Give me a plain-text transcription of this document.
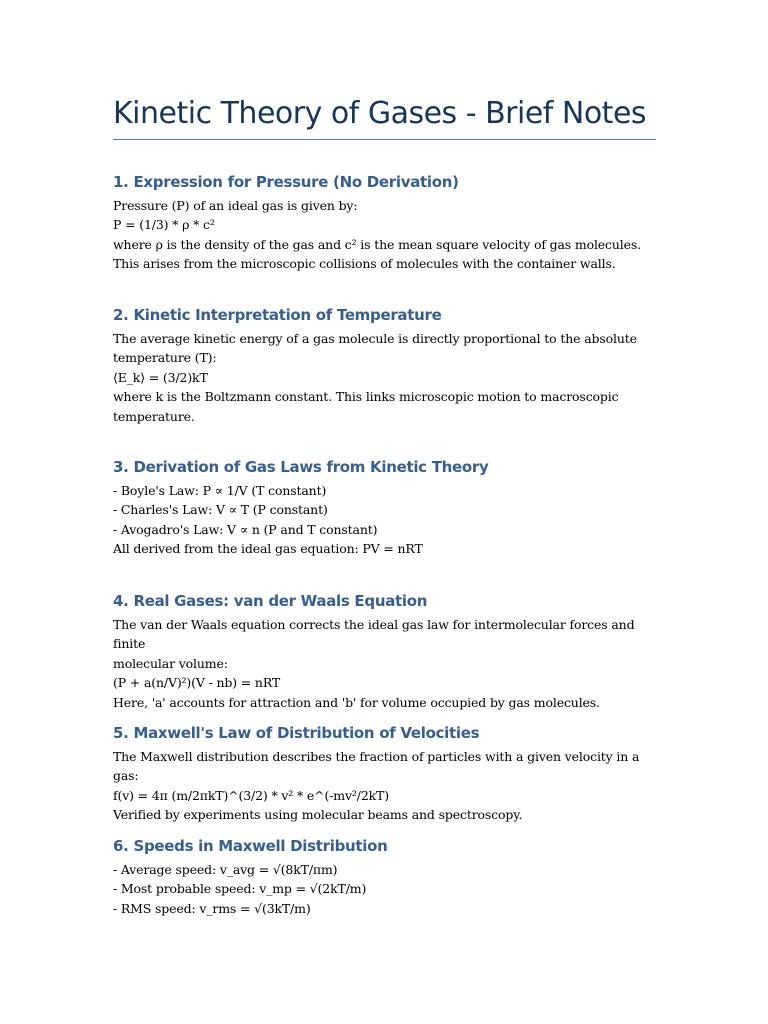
Kinetic Theory of Gases - Brief Notes
1. Expression for Pressure (No Derivation)

Pressure (P) of an ideal gas is given by:

P = (1/3) * ρ * c²

where ρ is the density of the gas and c² is the mean square velocity of gas molecules.

This arises from the microscopic collisions of molecules with the container walls.

2. Kinetic Interpretation of Temperature

The average kinetic energy of a gas molecule is directly proportional to the absolute

temperature (T):

⟨E_k⟩ = (3/2)kT

where k is the Boltzmann constant. This links microscopic motion to macroscopic

temperature.

3. Derivation of Gas Laws from Kinetic Theory

- Boyle's Law: P ∝ 1/V (T constant)

- Charles's Law: V ∝ T (P constant)

- Avogadro's Law: V ∝ n (P and T constant)

All derived from the ideal gas equation: PV = nRT

4. Real Gases: van der Waals Equation

The van der Waals equation corrects the ideal gas law for intermolecular forces and finite

molecular volume:

(P + a(n/V)²)(V - nb) = nRT

Here, 'a' accounts for attraction and 'b' for volume occupied by gas molecules.

5. Maxwell's Law of Distribution of Velocities

The Maxwell distribution describes the fraction of particles with a given velocity in a gas:

f(v) = 4π (m/2πkT)^(3/2) * v² * e^(-mv²/2kT)

Verified by experiments using molecular beams and spectroscopy.

6. Speeds in Maxwell Distribution

- Average speed: v_avg = √(8kT/πm)

- Most probable speed: v_mp = √(2kT/m)

- RMS speed: v_rms = √(3kT/m)
